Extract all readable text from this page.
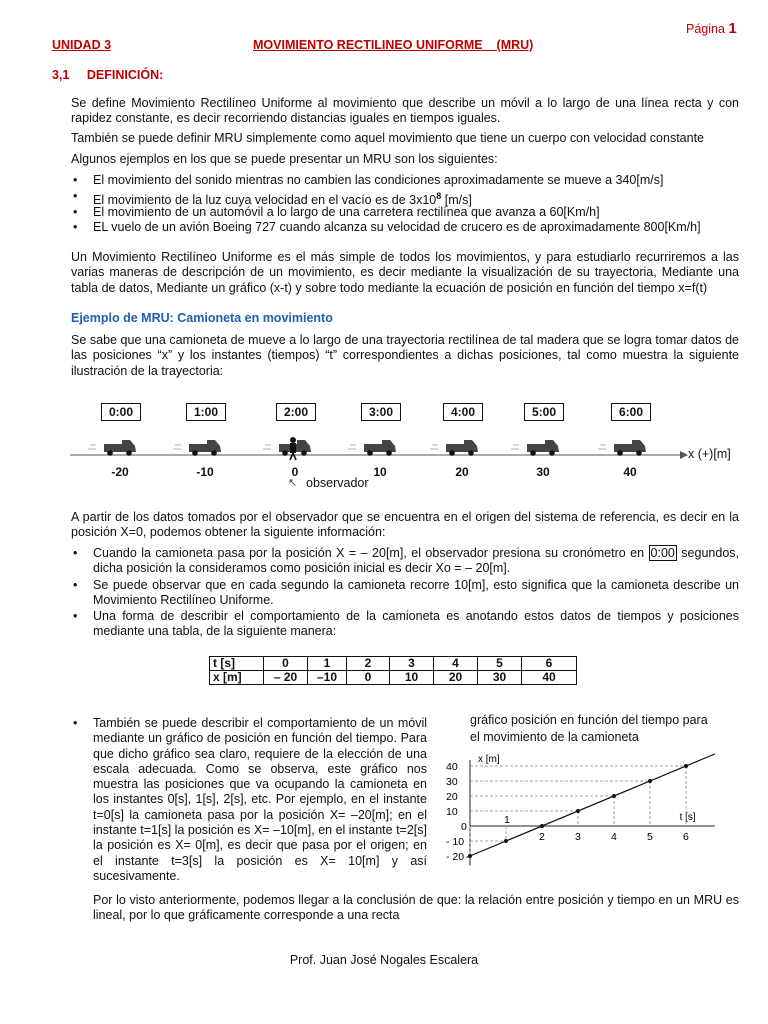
Página 1
UNIDAD 3	MOVIMIENTO RECTILINEO UNIFORME (MRU)
3,1 DEFINICIÓN:
Se define Movimiento Rectilíneo Uniforme al movimiento que describe un móvil a lo largo de una línea recta y con rapidez constante, es decir recorriendo distancias iguales en tiempos iguales.
También se puede definir MRU simplemente como aquel movimiento que tiene un cuerpo con velocidad constante
Algunos ejemplos en los que se puede presentar un MRU son los siguientes:
• El movimiento del sonido mientras no cambien las condiciones aproximadamente se mueve a 340[m/s]
• El movimiento de la luz cuya velocidad en el vacío es de $3x10^8$ [m/s]
• El movimiento de un automóvil a lo largo de una carretera rectilínea que avanza a 60[Km/h]
• EL vuelo de un avión Boeing 727 cuando alcanza su velocidad de crucero es de aproximadamente 800[Km/h]
Un Movimiento Rectilíneo Uniforme es el más simple de todos los movimientos, y para estudiarlo recurriremos a las varias maneras de descripción de un movimiento, es decir mediante la visualización de su trayectoria, Mediante una tabla de datos, Mediante un gráfico (x-t) y sobre todo mediante la ecuación de posición en función del tiempo x=f(t)
Ejemplo de MRU: Camioneta en movimiento
Se sabe que una camioneta de mueve a lo largo de una trayectoria rectilínea de tal madera que se logra tomar datos de las posiciones “x” y los instantes (tiempos) “t” correspondientes a dichas posiciones, tal como muestra la siguiente ilustración de la trayectoria:
0:00	1:00	2:00	3:00	4:00	5:00	6:00
-20	-10	0	10	20	30	40
x (+)[m]
↖ observador
A partir de los datos tomados por el observador que se encuentra en el origen del sistema de referencia, es decir en la posición X=0, podemos obtener la siguiente información:
• Cuando la camioneta pasa por la posición X = – 20[m], el observador presiona su cronómetro en 0:00 segundos, dicha posición la consideramos como posición inicial es decir Xo = – 20[m].
• Se puede observar que en cada segundo la camioneta recorre 10[m], esto significa que la camioneta describe un Movimiento Rectilíneo Uniforme.
• Una forma de describir el comportamiento de la camioneta es anotando estos datos de tiempos y posiciones mediante una tabla, de la siguiente manera:
t [s]	0	1	2	3	4	5	6
x [m]	– 20	–10	0	10	20	30	40
• También se puede describir el comportamiento de un móvil mediante un gráfico de posición en función del tiempo. Para que dicho gráfico sea claro, requiere de la elección de una escala adecuada. Como se observa, este gráfico nos muestra las posiciones que va ocupando la camioneta en los instantes 0[s], 1[s], 2[s], etc. Por ejemplo, en el instante t=0[s] la camioneta pasa por la posición X= –20[m]; en el instante t=1[s] la posición es X= –10[m], en el instante t=2[s] la posición es X= 0[m], es decir que pasa por el origen; en el instante t=3[s] la posición es X= 10[m] y así sucesivamente.
gráfico posición en función del tiempo para el movimiento de la camioneta
x [m]
t [s]
0
1
2	3	4	5	6
- 20
- 10
10
20
30
40
Por lo visto anteriormente, podemos llegar a la conclusión de que: la relación entre posición y tiempo en un MRU es lineal, por lo que gráficamente corresponde a una recta
Prof. Juan José Nogales Escalera
